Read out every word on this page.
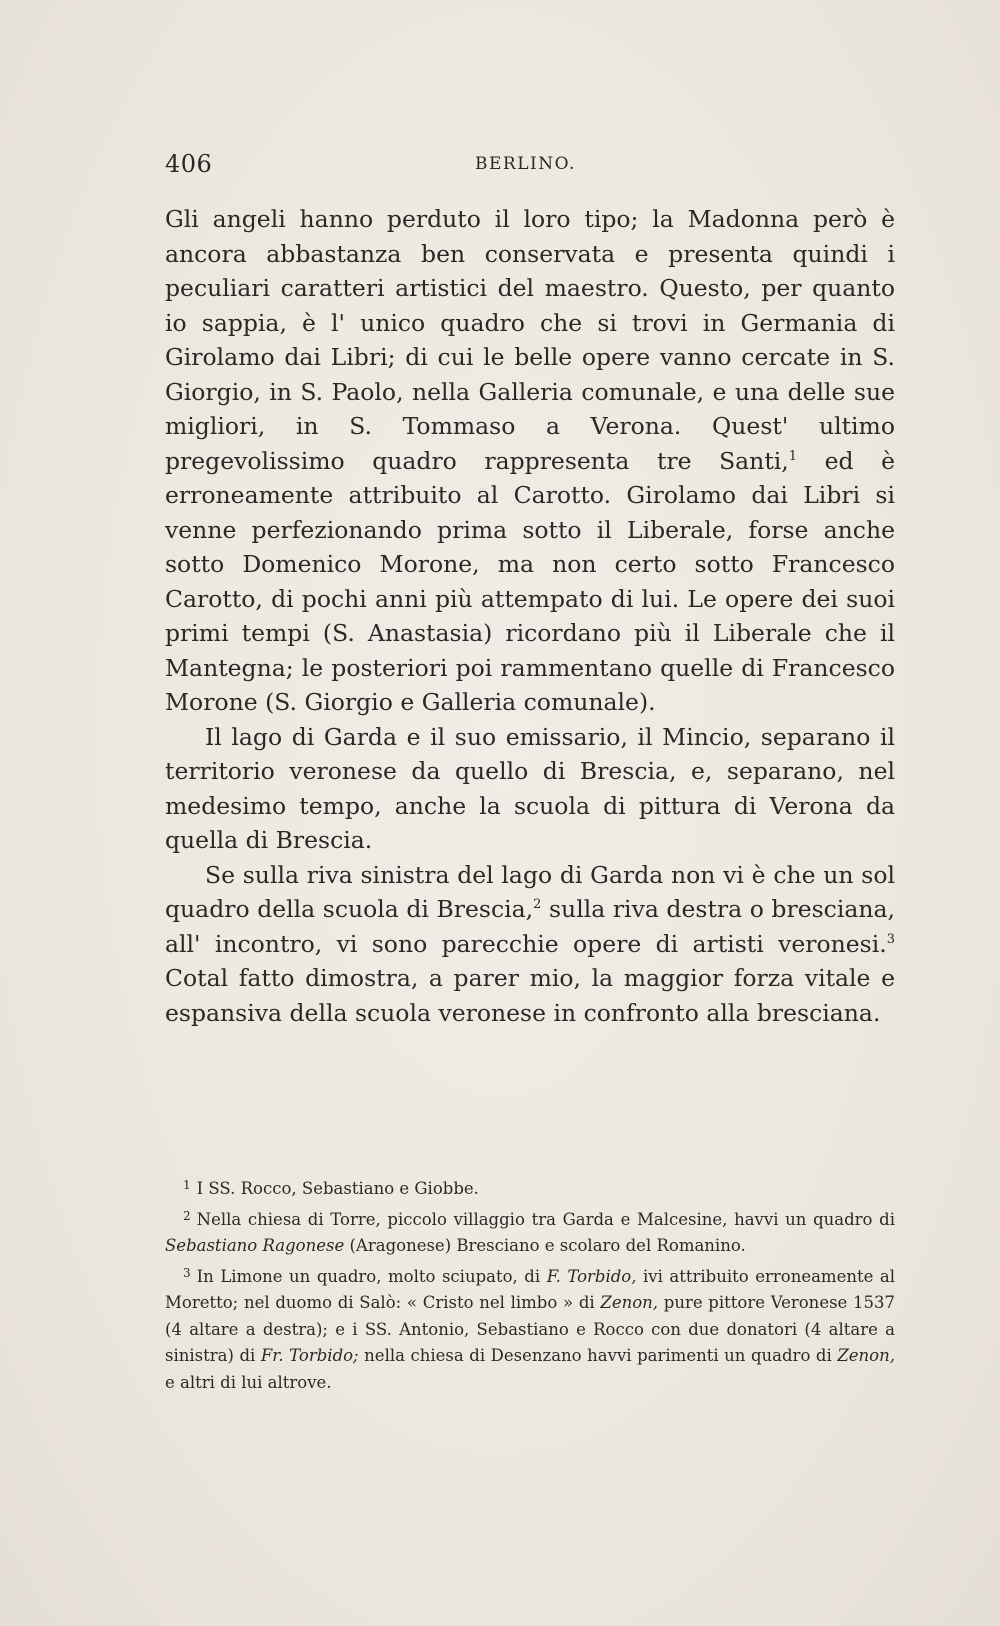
406	BERLINO.

Gli angeli hanno perduto il loro tipo; la Madonna però è ancora abbastanza ben conservata e presenta quindi i peculiari caratteri artistici del maestro. Questo, per quanto io sappia, è l' unico quadro che si trovi in Germania di Girolamo dai Libri; di cui le belle opere vanno cercate in S. Giorgio, in S. Paolo, nella Galleria comunale, e una delle sue migliori, in S. Tommaso a Verona. Quest' ultimo pregevolissimo quadro rappresenta tre Santi,$^1$ ed è erroneamente attribuito al Carotto. Girolamo dai Libri si venne perfezionando prima sotto il Liberale, forse anche sotto Domenico Morone, ma non certo sotto Francesco Carotto, di pochi anni più attempato di lui. Le opere dei suoi primi tempi (S. Anastasia) ricordano più il Liberale che il Mantegna; le posteriori poi rammentano quelle di Francesco Morone (S. Giorgio e Galleria comunale).

Il lago di Garda e il suo emissario, il Mincio, separano il territorio veronese da quello di Brescia, e, separano, nel medesimo tempo, anche la scuola di pittura di Verona da quella di Brescia.

Se sulla riva sinistra del lago di Garda non vi è che un sol quadro della scuola di Brescia,$^2$ sulla riva destra o bresciana, all' incontro, vi sono parecchie opere di artisti veronesi.$^3$ Cotal fatto dimostra, a parer mio, la maggior forza vitale e espansiva della scuola veronese in confronto alla bresciana.

$^1$ I SS. Rocco, Sebastiano e Giobbe.

$^2$ Nella chiesa di Torre, piccolo villaggio tra Garda e Malcesine, havvi un quadro di Sebastiano Ragonese (Aragonese) Bresciano e scolaro del Romanino.

$^3$ In Limone un quadro, molto sciupato, di F. Torbido, ivi attribuito erroneamente al Moretto; nel duomo di Salò: « Cristo nel limbo » di Zenon, pure pittore Veronese 1537 (4 altare a destra); e i SS. Antonio, Sebastiano e Rocco con due donatori (4 altare a sinistra) di Fr. Torbido; nella chiesa di Desenzano havvi parimenti un quadro di Zenon, e altri di lui altrove.
